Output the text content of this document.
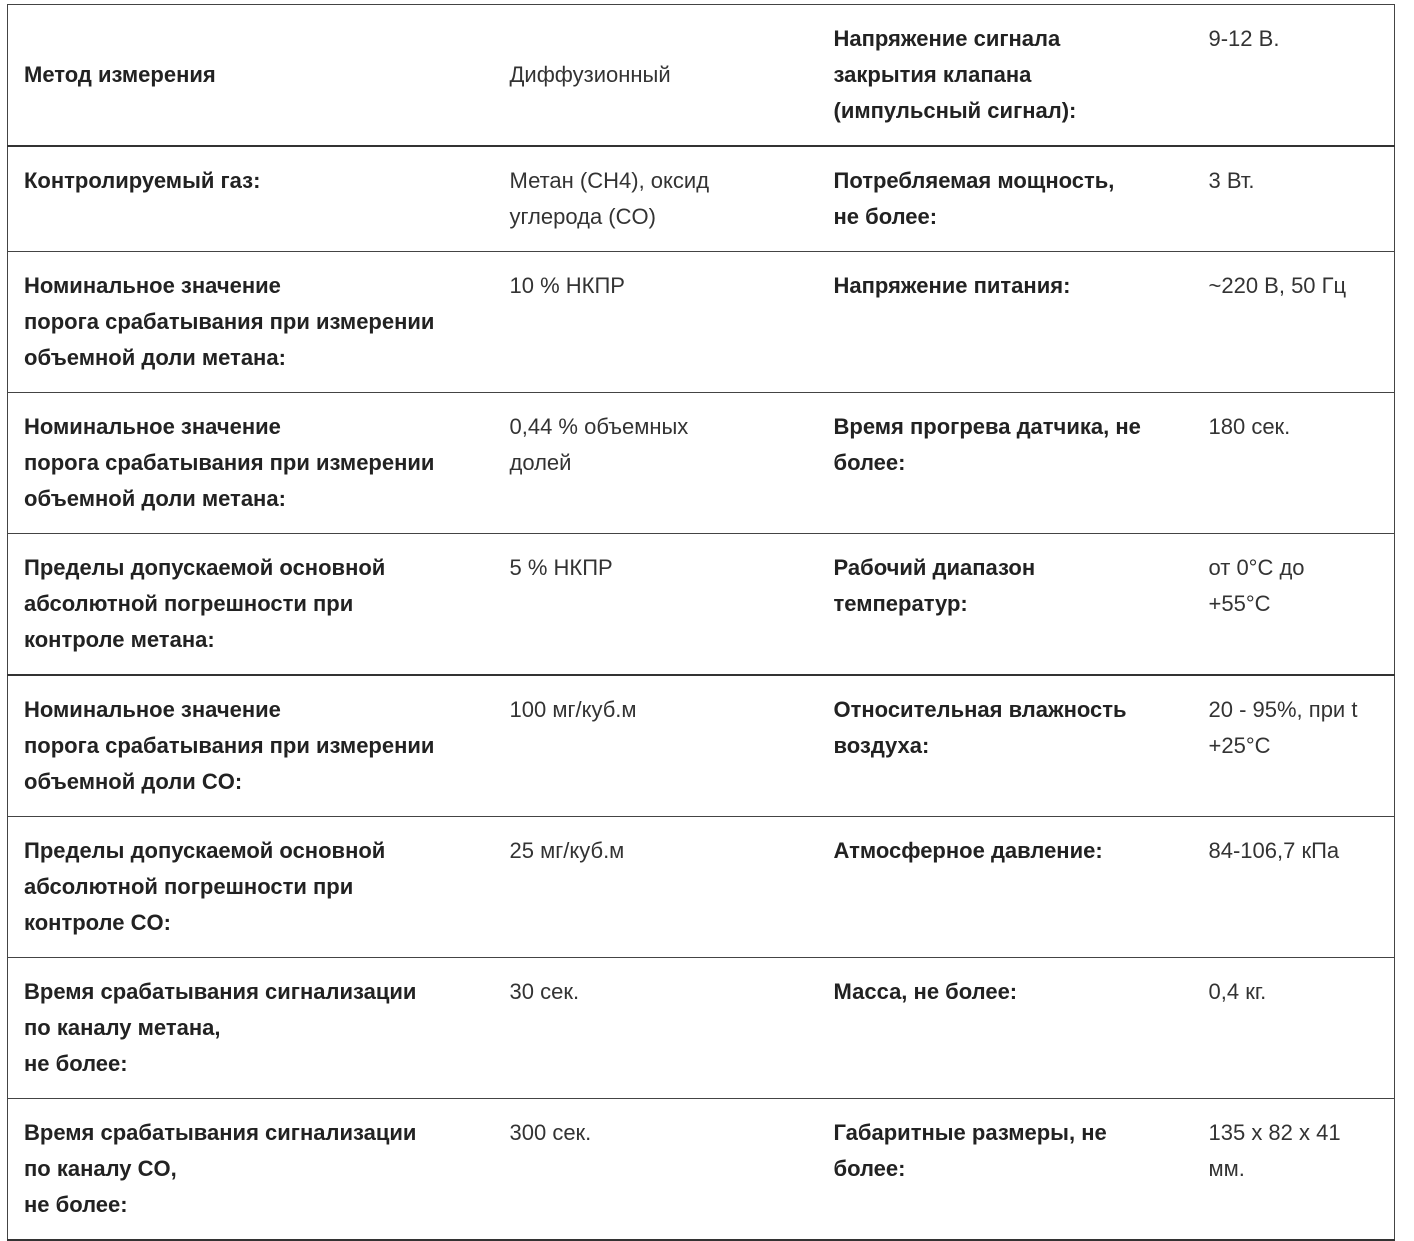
Метод измерения	Диффузионный	Напряжение сигнала
закрытия клапана
(импульсный сигнал):	9-12 В.

Контролируемый газ:	Метан (CH4), оксид
углерода (CO)	Потребляемая мощность,
не более:	3 Вт.

Номинальное значение
порога срабатывания при измерении
объемной доли метана:	10 % НКПР	Напряжение питания:	~220 В, 50 Гц

Номинальное значение
порога срабатывания при измерении
объемной доли метана:	0,44 % объемных
долей	Время прогрева датчика, не
более:	180 сек.

Пределы допускаемой основной
абсолютной погрешности при
контроле метана:	5 % НКПР	Рабочий диапазон
температур:	от 0°С до
+55°С

Номинальное значение
порога срабатывания при измерении
объемной доли CO:	100 мг/куб.м	Относительная влажность
воздуха:	20 - 95%, при t
+25°С

Пределы допускаемой основной
абсолютной погрешности при
контроле CO:	25 мг/куб.м	Атмосферное давление:	84-106,7 кПа

Время срабатывания сигнализации
по каналу метана,
не более:	30 сек.	Масса, не более:	0,4 кг.

Время срабатывания сигнализации
по каналу CO,
не более:	300 сек.	Габаритные размеры, не
более:	135 х 82 х 41
мм.
